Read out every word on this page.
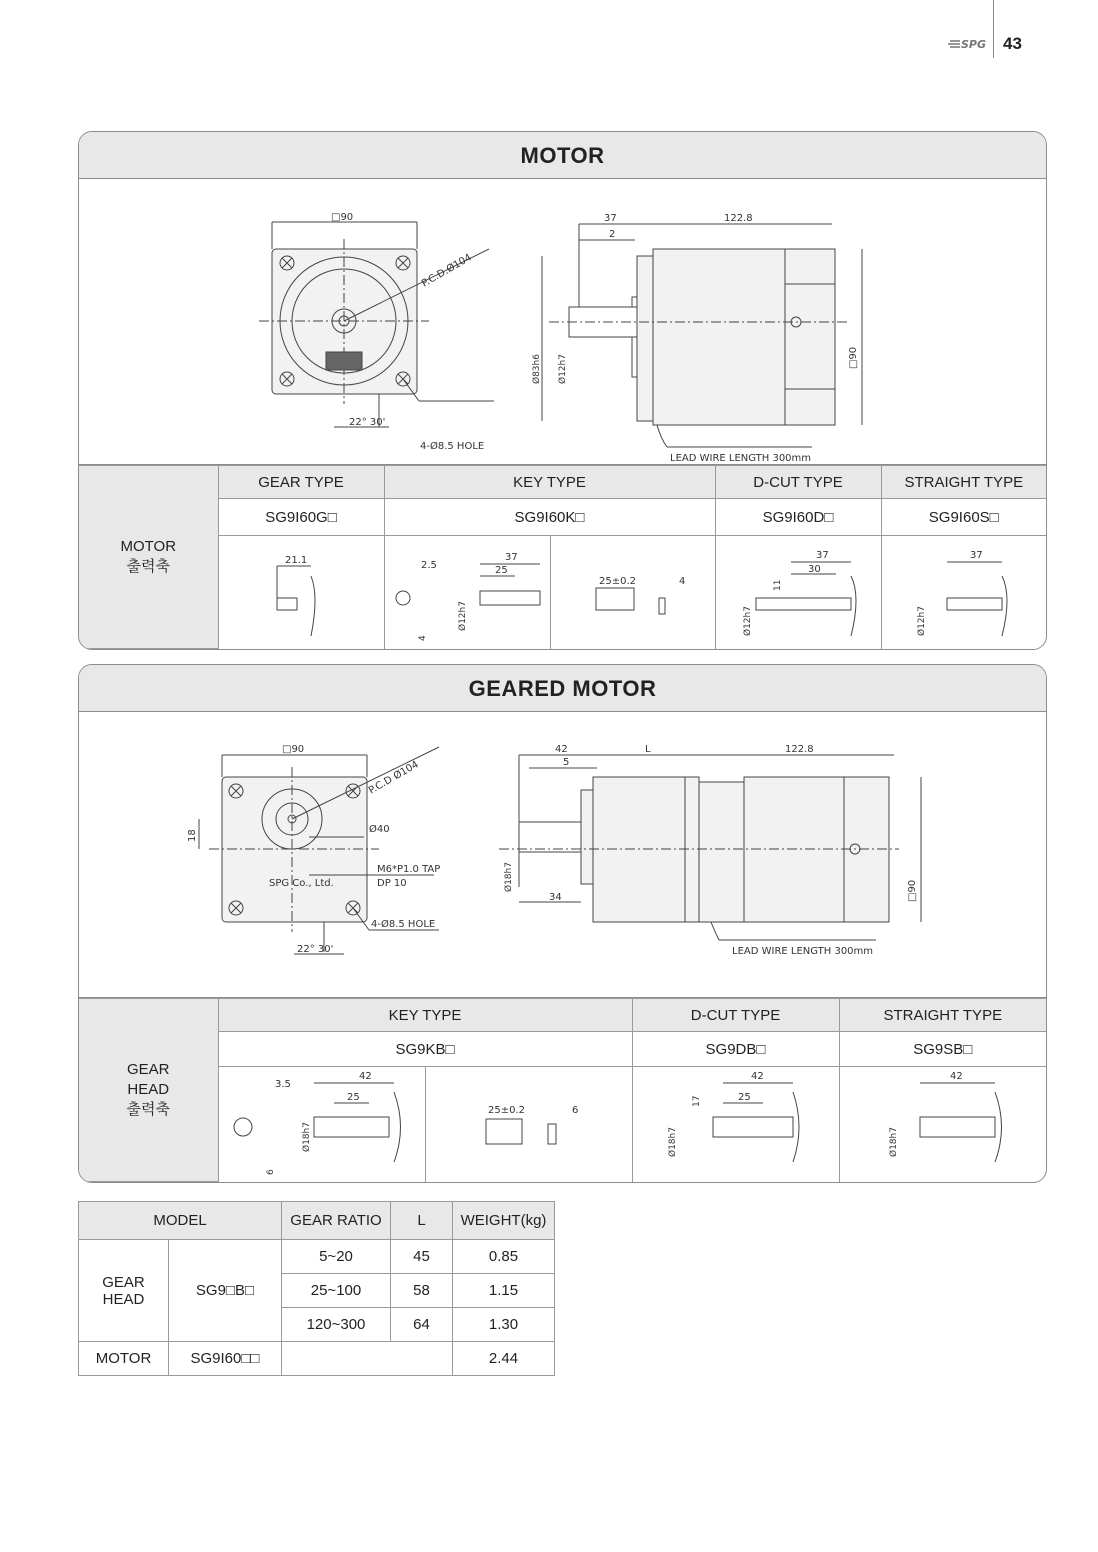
SPG 43
MOTOR
□90
P.C.D.Ø104
4-Ø8.5 HOLE
22° 30'
37
2
122.8
Ø83h6 Ø12h7	□90
LEAD WIRE LENGTH 300mm
MOTOR
출력축	GEAR TYPE	KEY TYPE		D-CUT TYPE	STRAIGHT TYPE
	SG9I60G□	SG9I60K□		SG9I60D□	SG9I60S□

21.1	2.5
37
25
Ø12h7
4	25±0.2 4	37
30
11
Ø12h7	37
Ø12h7
GEARED MOTOR
□90
P.C.D Ø104
Ø40
18
M6*P1.0 TAP
DP 10
SPG Co., Ltd.
4-Ø8.5 HOLE
22° 30'
42
5
L	122.8
Ø18h7
34	□90
LEAD WIRE LENGTH 300mm
GEAR
HEAD
출력축	KEY TYPE		D-CUT TYPE	STRAIGHT TYPE
	SG9KB□		SG9DB□	SG9SB□

3.5
42
25
Ø18h7
6	25±0.2 6	42
25
17
Ø18h7	42
Ø18h7
MODEL		GEAR RATIO	L	WEIGHT(kg)

GEAR
HEAD	SG9□B□	5~20	45	0.85
		25~100	58	1.15
		120~300	64	1.30
MOTOR	SG9I60□□			2.44
